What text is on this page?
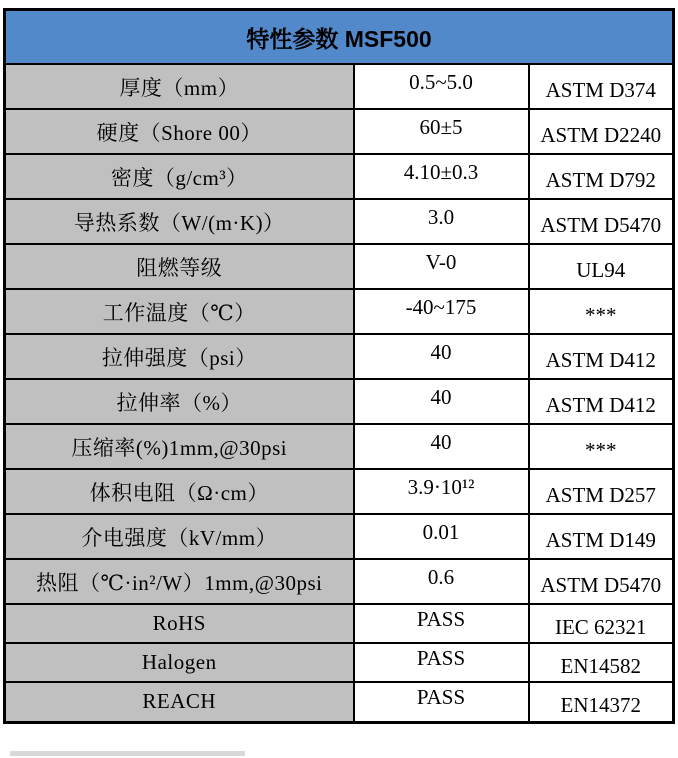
特性参数 MSF500		
厚度（mm）	0.5~5.0	ASTM D374
硬度（Shore 00）	60±5	ASTM D2240
密度（g/cm³）	4.10±0.3	ASTM D792
导热系数（W/(m·K)）	3.0	ASTM D5470
阻燃等级	V-0	UL94
工作温度（℃）	-40~175	***
拉伸强度（psi）	40	ASTM D412
拉伸率（%）	40	ASTM D412
压缩率(%)1mm,@30psi	40	***
体积电阻（Ω·cm）	3.9·10¹²	ASTM D257
介电强度（kV/mm）	0.01	ASTM D149
热阻（℃·in²/W）1mm,@30psi	0.6	ASTM D5470
RoHS	PASS	IEC 62321
Halogen	PASS	EN14582
REACH	PASS	EN14372
